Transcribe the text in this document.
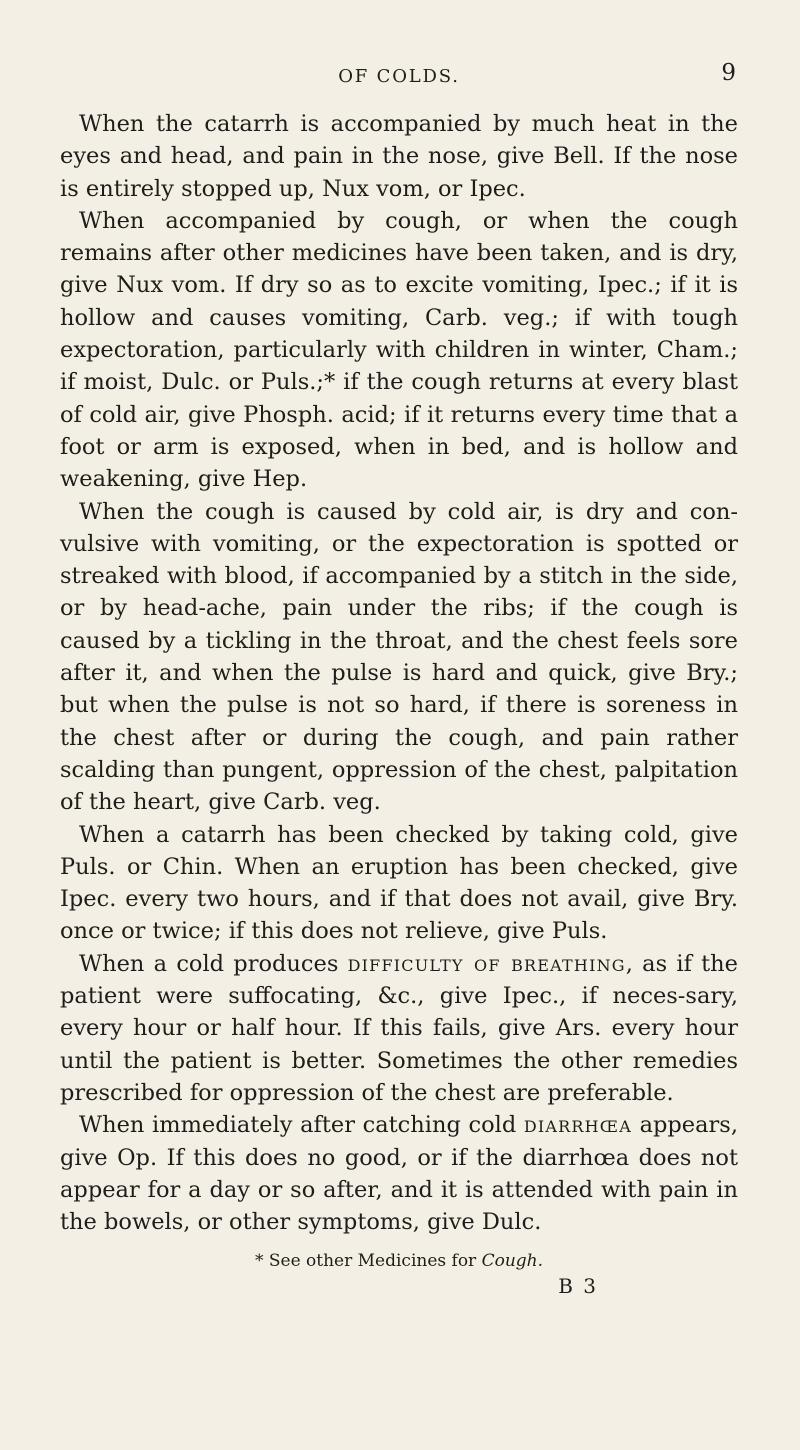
OF COLDS.	9

When the catarrh is accompanied by much heat in the eyes and head, and pain in the nose, give Bell. If the nose is entirely stopped up, Nux vom, or Ipec.

When accompanied by cough, or when the cough remains after other medicines have been taken, and is dry, give Nux vom. If dry so as to excite vomiting, Ipec.; if it is hollow and causes vomiting, Carb. veg.; if with tough expectoration, particularly with children in winter, Cham.; if moist, Dulc. or Puls.;* if the cough returns at every blast of cold air, give Phosph. acid; if it returns every time that a foot or arm is exposed, when in bed, and is hollow and weakening, give Hep.

When the cough is caused by cold air, is dry and con-vulsive with vomiting, or the expectoration is spotted or streaked with blood, if accompanied by a stitch in the side, or by head-ache, pain under the ribs; if the cough is caused by a tickling in the throat, and the chest feels sore after it, and when the pulse is hard and quick, give Bry.; but when the pulse is not so hard, if there is soreness in the chest after or during the cough, and pain rather scalding than pungent, oppression of the chest, palpitation of the heart, give Carb. veg.

When a catarrh has been checked by taking cold, give Puls. or Chin. When an eruption has been checked, give Ipec. every two hours, and if that does not avail, give Bry. once or twice; if this does not relieve, give Puls.

When a cold produces difficulty of breathing, as if the patient were suffocating, &c., give Ipec., if neces-sary, every hour or half hour. If this fails, give Ars. every hour until the patient is better. Sometimes the other remedies prescribed for oppression of the chest are preferable.

When immediately after catching cold diarrhœa appears, give Op. If this does no good, or if the diarrhœa does not appear for a day or so after, and it is attended with pain in the bowels, or other symptoms, give Dulc.

* See other Medicines for Cough.
B 3
